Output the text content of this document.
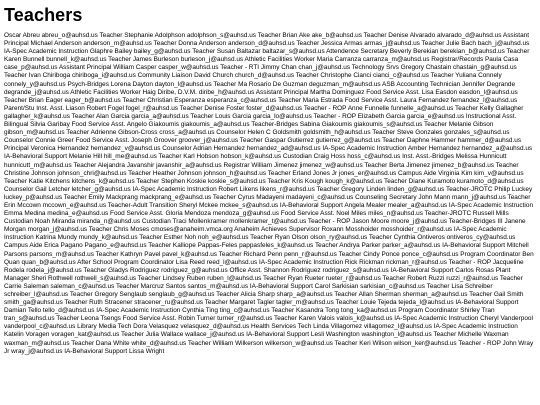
Teachers

Oscar Abreu abreu_o@auhsd.us Teacher Stephanie Adolphson adolphson_s@auhsd.us Teacher Brian Ake ake_b@auhsd.us Teacher Denise Alvarado alvarado_d@auhsd.us Assistant Principal Michael Anderson anderson_m@auhsd.us Teacher Donna Anderson anderson_d@auhsd.us Teacher Jessica Armas armas_j@auhsd.us Teacher Julie Bach bach_j@auhsd.us IA-Spec Academic Instruction Glaphre Bailey bailey_g@auhsd.us Teacher Susan Baltazar baltazar_s@auhsd.us Attendence Secretary Beverly Berekian berekian_b@auhsd.us Teacher Karen Bunnell bunnell_k@auhsd.us Teacher James Burleson burleson_j@auhsd.us Athletic Facilities Worker Maria Carranza carranza_m@auhsd.us Registrar/Records Paula Casa case_p@auhsd.us Assistant Principal William Casper casper_w@auhsd.us Teacher - RTI Jimmy Chan chan_j@auhsd.us Technology Srvs Gregory Chastain chastain_g@auhsd.us Teacher Ivan Chiriboga chiriboga_i@auhsd.us Community Liaison David Church church_d@auhsd.us Teacher Christophe Cianci cianci_c@auhsd.us Teacher Yuliana Connely connely_y@auhsd.us Psych-Bridges Lorena Dayton dayton_l@auhsd.us Teacher Ma Rosario De Guzman deguzman_m@auhsd.us ASB Accounting Technician Jennifer Degrande degrande_j@auhsd.us Athletic Facilities Worker Haig Diribe, D.V.M. diribe_h@auhsd.us Assistant Principal Martha Dominguez Food Service Asst. Lisa Easdon easdon_l@auhsd.us Teacher Brian Eager eager_b@auhsd.us Teacher Christian Esperanza esperanza_c@auhsd.us Teacher Maria Estrada Food Service Asst. Laura Fernandez fernandez_l@auhsd.us Parent/Stu Inst. Asst. Liason Robert Fogel fogel_r@auhsd.us Teacher Denise Foster foster_d@auhsd.us Teacher - ROP Anne Funnelle funnelle_a@auhsd.us Teacher Kelly Gallagher gallagher_k@auhsd.us Teacher Alan Garcia garcia_a@auhsd.us Teacher Louis Garcia garcia_lo@auhsd.us Teacher - ROP Elizabeth Garcia garcia_e@auhsd.us Instructional Asst. Bilingual Silvia Garibay Food Service Asst. Angelo Giakoumis giakoumis_a@auhsd.us Teacher-Bridges Sabina Giakoumis giakoumis_s@auhsd.us Teacher Melanie Gibson gibson_m@auhsd.us Teacher Adrienne Gibson-Cross cross_a@auhsd.us Counselor Helen C Goldsmith goldsmith_h@auhsd.us Teacher Steve Gonzales gonzales_s@auhsd.us Counselor Connie Greer Food Service Asst. Joseph Groover groover_j@auhsd.us Teacher Gaspar Gutierrez gutierrez_g@auhsd.us Teacher Daphne Hammer hammer_d@auhsd.us Principal Veronica Hernandez hernandez_v@auhsd.us Counselor Adrian Hernandez hernandez_ad@auhsd.us IA-Spec Academic Instruction Amber Hernandez hernandez_a@auhsd.us IA-Behavioral Support Melanie Hill hill_me@auhsd.us Teacher Karl Hobson hobson_k@auhsd.us Custodian Craig Hoss hoss_c@auhsd.us Inst. Asst.-Bridges Melissa Hunnicutt hunnicutt_m@auhsd.us Teacher Alejandra Javanshir javanshir_a@auhsd.us Registrar William Jimenez jimenez_w@auhsd.us Teacher Berta Jimenez jimenez_b@auhsd.us Teacher Christine Johnson johnson_chri@auhsd.us Teacher Heather Johnson johnson_h@auhsd.us Teacher Erland Jones Jr jones_er@auhsd.us Campus Aide Virginia Kim kim_v@auhsd.us Teacher Katie Kitchens kitchens_k@auhsd.us Teacher Stephen Koskie koskie_s@auhsd.us Teacher Kris Kough kough_k@auhsd.us Teacher Diane Kuramoto kuramoto_d@auhsd.us Counselor Gail Letcher letcher_g@auhsd.us IA-Spec Academic Instruction Robert Likens likens_r@auhsd.us Teacher Gregory Linden linden_g@auhsd.us Teacher-JROTC Philip Luckey luckey_p@auhsd.us Teacher Emily Mackprang mackprang_e@auhsd.us Teacher Cyrus Madayeni madayeni_c@auhsd.us Counseling Secretary John Mann mann_j@auhsd.us Teacher Erin Mccown mccown_e@auhsd.us Teacher-Adult Transition Sheryl Mckee mckee_s@auhsd.us IA-Behavioral Support Angela Mealer mealer_a@auhsd.us IA-Spec Academic Instruction Emma Medina medina_e@auhsd.us Food Service Asst. Gloria Mendoza mendoza_g@auhsd.us Food Service Asst. Noel Miles miles_n@auhsd.us Teacher-JROTC Russell Mills Custodian Noah Miranda miranda_n@auhsd.us Custodian Traci Mollenkramer mollenkramer_t@auhsd.us Teacher - ROP Jason Moore moore_j@auhsd.us Teacher-Bridges III Janene Morgan morgan_j@auhsd.us Teacher Chris Moses cmoses@anaheim.vmca.org Anaheim Achieves Supervisor Roxann Mosshoider mosshoider_r@auhsd.us IA-Spec Academic Instruction Katrina Mundy mundy_k@auhsd.us Teacher Esther Noh noh_e@auhsd.us Teacher Ryan Olson olson_ry@auhsd.us Teacher Cynthia Ontiveros ontiveros_cy@auhsd.us Campus Aide Erica Pagano Pagano_e@auhsd.us Teacher Kalliope Pappas-Feles pappasfeles_k@auhsd.us Teacher Andrya Parker parker_a@auhsd.us IA-Behavioral Support Mitchell Parsons parsons_m@auhsd.us Teacher Kathryn Pavel pavel_k@auhsd.us Teacher Richard Penn penn_r@auhsd.us Teacher Cindy Ponce ponce_c@auhsd.us Program Coordinator Ben Quan quan_b@auhsd.us After School Program Coordinator Lisa Reed reed_l@auhsd.us IA-Spec Academic Instruction Rick Rickman rickman_r@auhsd.us Teacher - ROP Jacqueline Rodela rodela_j@auhsd.us Teacher Gladys Rodriguez rodriguez_g@auhsd.us Office Asst. Shannon Rodriguez rodriguez_s@auhsd.us IA-Behavioral Support Carlos Rosas Plant Manager Sheri Rothwell rothwell_s@auhsd.us Teacher Lindsey Ruben ruben_l@auhsd.us Teacher Ryan Rueter rueter_r@auhsd.us Teacher Robert Ruzzi ruzzi_r@auhsd.us Teacher Carrie Saleman saleman_c@auhsd.us Teacher Marcruz Santos santos_m@auhsd.us IA-Behavioral Support Carol Sarkisian sarkisian_c@auhsd.us Teacher Lisa Schreiber schreiber_l@auhsd.us Teacher Gregory Senglaub senglaub_g@auhsd.us Teacher Alicia Sharp sharp_a@auhsd.us Teacher Allan Sherman sherman_a@auhsd.us Teacher Gail Smith smith_ga@auhsd.us Teacher Ruth Stracener stracener_ru@auhsd.us Teacher Margaret Tagler tagler_m@auhsd.us Teacher Louie Tejeda tejeda_l@auhsd.us IA-Behavioral Support Damian Tello tello_d@auhsd.us IA-Spec Academic Instruction Cynthia Ting ting_c@auhsd.us Teacher Kasandra Tong tong_ka@auhsd.us Program Coordinator Shirley Tran tran_s@auhsd.us Teacher Leona Tsengs Food Service Asst. Robin Turner turner_r@auhsd.us Teacher Karen Valois valois_k@auhsd.us IA-Spec Academic Instruction Cheryl Vanderpool vanderpool_c@auhsd.us Library Media Tech Dora Velasquez velasquez_d@auhsd.us Health Services Tech Linda Villagomez villagomez_l@auhsd.us IA-Spec Academic Instruction Katelin Voragen voragen_kat@auhsd.us Teacher Julia Wallace wallace_j@auhsd.us IA-Behavioral Support Lesli Washington washington_l@auhsd.us Teacher Michelle Waxman waxman_m@auhsd.us Teacher Dana White white_d@auhsd.us Teacher William Wilkerson wilkerson_w@auhsd.us Teacher Keri Wilson wilson_ker@auhsd.us Teacher - ROP John Wray Jr wray_j@auhsd.us IA-Behavioral Support Lissa Wright
